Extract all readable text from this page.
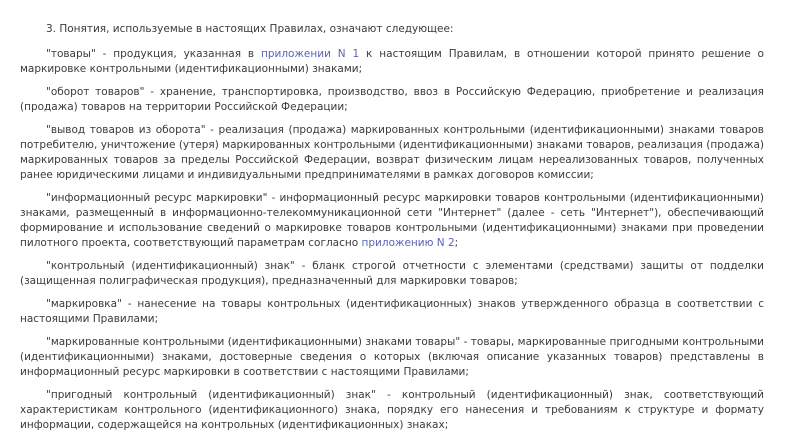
3. Понятия, используемые в настоящих Правилах, означают следующее:

"товары" - продукция, указанная в приложении N 1 к настоящим Правилам, в отношении которой принято решение о маркировке контрольными (идентификационными) знаками;

"оборот товаров" - хранение, транспортировка, производство, ввоз в Российскую Федерацию, приобретение и реализация (продажа) товаров на территории Российской Федерации;

"вывод товаров из оборота" - реализация (продажа) маркированных контрольными (идентификационными) знаками товаров потребителю, уничтожение (утеря) маркированных контрольными (идентификационными) знаками товаров, реализация (продажа) маркированных товаров за пределы Российской Федерации, возврат физическим лицам нереализованных товаров, полученных ранее юридическими лицами и индивидуальными предпринимателями в рамках договоров комиссии;

"информационный ресурс маркировки" - информационный ресурс маркировки товаров контрольными (идентификационными) знаками, размещенный в информационно-телекоммуникационной сети "Интернет" (далее - сеть "Интернет"), обеспечивающий формирование и использование сведений о маркировке товаров контрольными (идентификационными) знаками при проведении пилотного проекта, соответствующий параметрам согласно приложению N 2;

"контрольный (идентификационный) знак" - бланк строгой отчетности с элементами (средствами) защиты от подделки (защищенная полиграфическая продукция), предназначенный для маркировки товаров;

"маркировка" - нанесение на товары контрольных (идентификационных) знаков утвержденного образца в соответствии с настоящими Правилами;

"маркированные контрольными (идентификационными) знаками товары" - товары, маркированные пригодными контрольными (идентификационными) знаками, достоверные сведения о которых (включая описание указанных товаров) представлены в информационный ресурс маркировки в соответствии с настоящими Правилами;

"пригодный контрольный (идентификационный) знак" - контрольный (идентификационный) знак, соответствующий характеристикам контрольного (идентификационного) знака, порядку его нанесения и требованиям к структуре и формату информации, содержащейся на контрольных (идентификационных) знаках;
